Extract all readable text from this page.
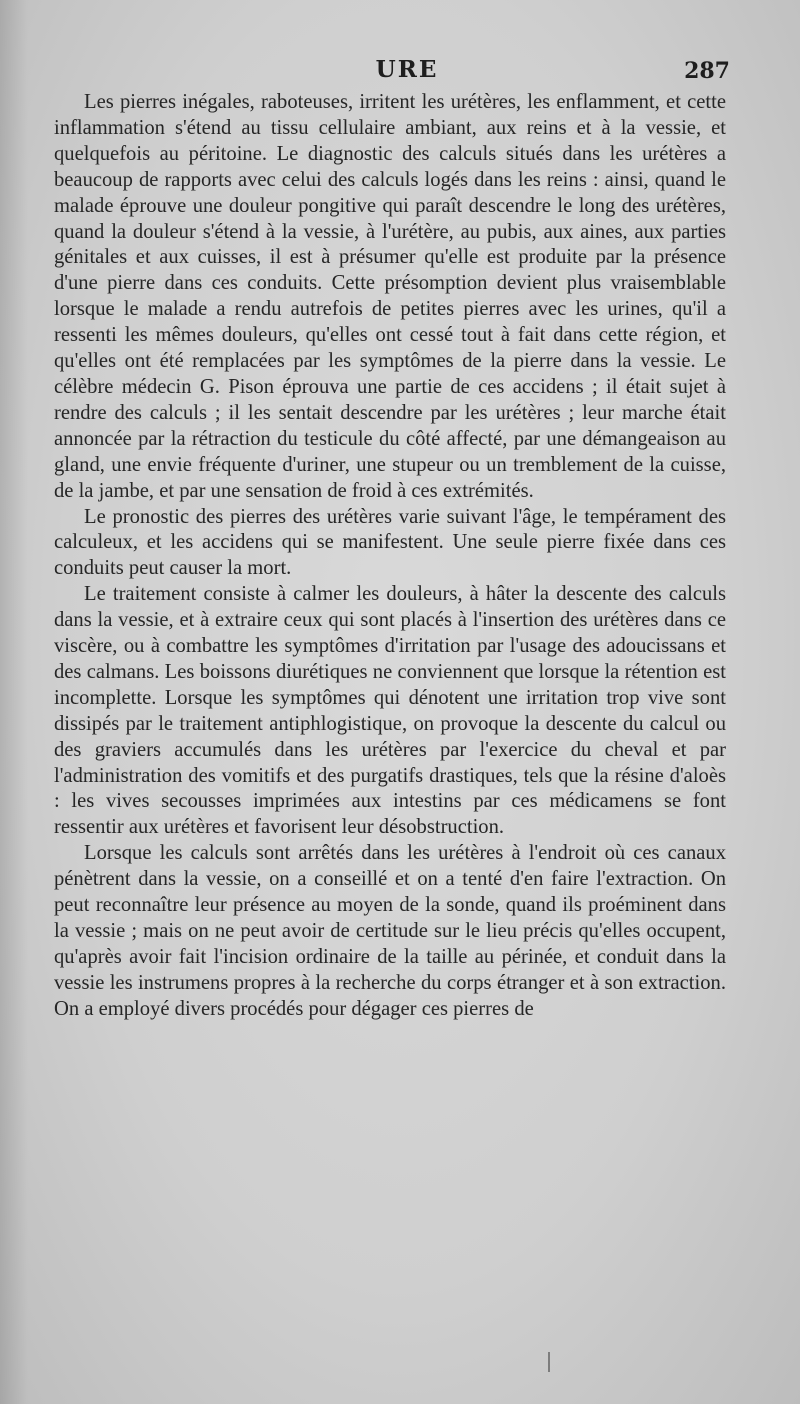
URE	287

Les pierres inégales, raboteuses, irritent les urétères, les enflamment, et cette inflammation s'étend au tissu cellulaire ambiant, aux reins et à la vessie, et quelquefois au péritoine. Le diagnostic des calculs situés dans les urétères a beaucoup de rapports avec celui des calculs logés dans les reins : ainsi, quand le malade éprouve une douleur pongitive qui paraît descendre le long des urétères, quand la douleur s'étend à la vessie, à l'urétère, au pubis, aux aines, aux parties génitales et aux cuisses, il est à présumer qu'elle est produite par la présence d'une pierre dans ces conduits. Cette présomption devient plus vraisemblable lorsque le malade a rendu autrefois de petites pierres avec les urines, qu'il a ressenti les mêmes douleurs, qu'elles ont cessé tout à fait dans cette région, et qu'elles ont été remplacées par les symptômes de la pierre dans la vessie. Le célèbre médecin G. Pison éprouva une partie de ces accidens ; il était sujet à rendre des calculs ; il les sentait descendre par les urétères ; leur marche était annoncée par la rétraction du testicule du côté affecté, par une démangeaison au gland, une envie fréquente d'uriner, une stupeur ou un tremblement de la cuisse, de la jambe, et par une sensation de froid à ces extrémités.

Le pronostic des pierres des urétères varie suivant l'âge, le tempérament des calculeux, et les accidens qui se manifestent. Une seule pierre fixée dans ces conduits peut causer la mort.

Le traitement consiste à calmer les douleurs, à hâter la descente des calculs dans la vessie, et à extraire ceux qui sont placés à l'insertion des urétères dans ce viscère, ou à combattre les symptômes d'irritation par l'usage des adoucissans et des calmans. Les boissons diurétiques ne conviennent que lorsque la rétention est incomplette. Lorsque les symptômes qui dénotent une irritation trop vive sont dissipés par le traitement antiphlogistique, on provoque la descente du calcul ou des graviers accumulés dans les urétères par l'exercice du cheval et par l'administration des vomitifs et des purgatifs drastiques, tels que la résine d'aloès : les vives secousses imprimées aux intestins par ces médicamens se font ressentir aux urétères et favorisent leur désobstruction.

Lorsque les calculs sont arrêtés dans les urétères à l'endroit où ces canaux pénètrent dans la vessie, on a conseillé et on a tenté d'en faire l'extraction. On peut reconnaître leur présence au moyen de la sonde, quand ils proéminent dans la vessie ; mais on ne peut avoir de certitude sur le lieu précis qu'elles occupent, qu'après avoir fait l'incision ordinaire de la taille au périnée, et conduit dans la vessie les instrumens propres à la recherche du corps étranger et à son extraction. On a employé divers procédés pour dégager ces pierres de
